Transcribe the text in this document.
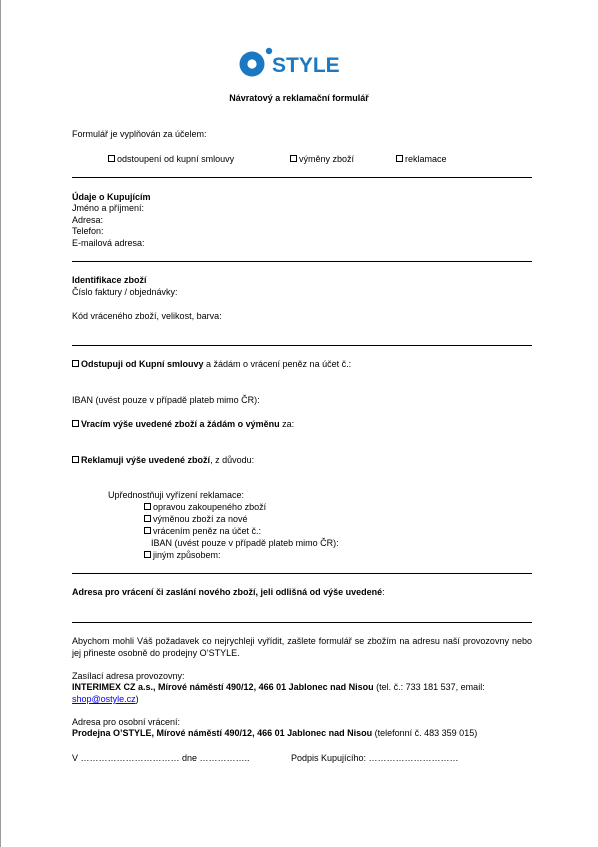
STYLE
Návratový a reklamační formulář
Formulář je vyplňován za účelem:
odstoupení od kupní smlouvy	výměny zboží	reklamace
Údaje o Kupujícím
Jméno a příjmení:
Adresa:
Telefon:
E-mailová adresa:
Identifikace zboží
Číslo faktury / objednávky:
Kód vráceného zboží, velikost, barva:
Odstupuji od Kupní smlouvy a žádám o vrácení peněz na účet č.:
IBAN (uvést pouze v případě plateb mimo ČR):
Vracím výše uvedené zboží a žádám o výměnu za:
Reklamuji výše uvedené zboží, z důvodu:
Upřednostňuji vyřízení reklamace:
opravou zakoupeného zboží
výměnou zboží za nové
vrácením peněz na účet č.:
IBAN (uvést pouze v případě plateb mimo ČR):
jiným způsobem:
Adresa pro vrácení či zaslání nového zboží, jeli odlišná od výše uvedené:
Abychom mohli Váš požadavek co nejrychleji vyřídit, zašlete formulář se zbožím na adresu naší provozovny nebo jej přineste osobně do prodejny O’STYLE.
Zasílací adresa provozovny:
INTERIMEX CZ a.s., Mírové náměstí 490/12, 466 01 Jablonec nad Nisou (tel. č.: 733 181 537, email:
shop@ostyle.cz)
Adresa pro osobní vrácení:
Prodejna O’STYLE, Mírové náměstí 490/12, 466 01 Jablonec nad Nisou (telefonní č. 483 359 015)
V …………………………… dne ……………..	Podpis Kupujícího: …………………………
